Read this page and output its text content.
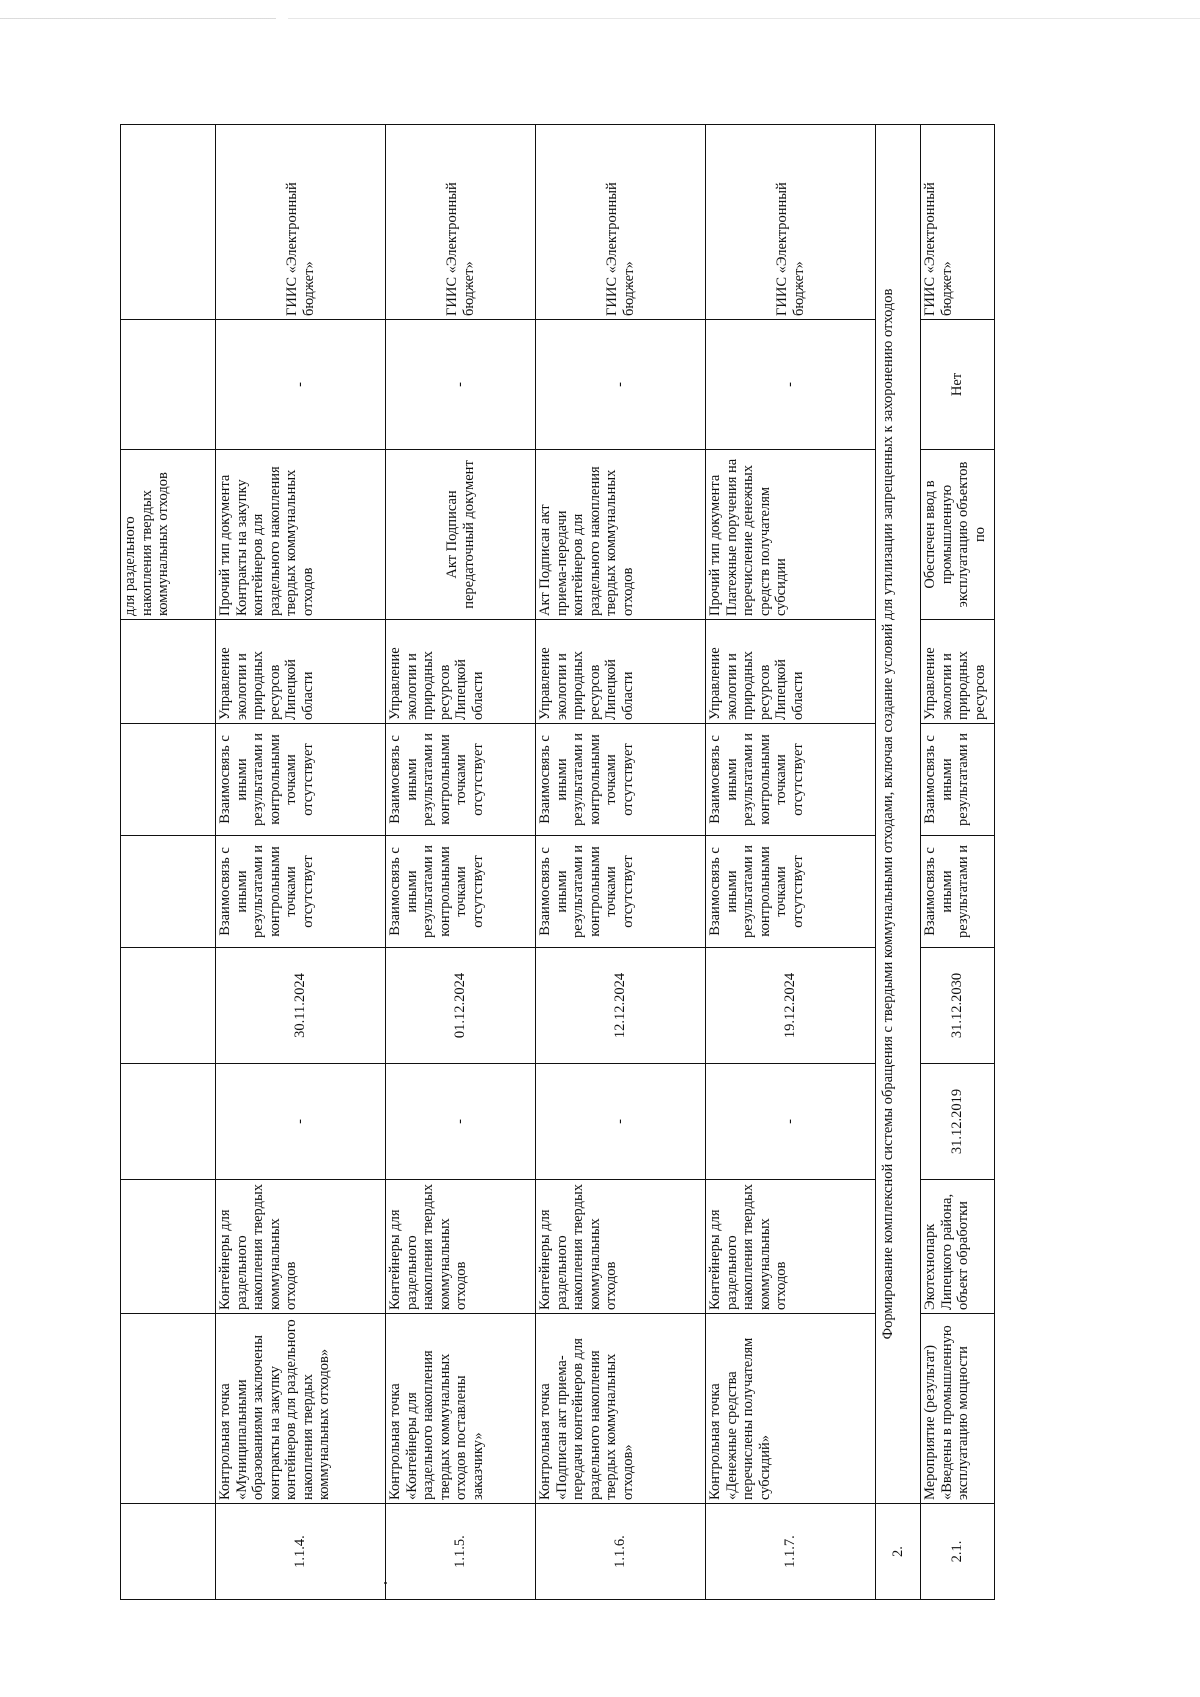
								для раздельного накопления твердых коммунальных отходов		
1.1.4.	Контрольная точка «Муниципальными образованиями заключены контракты на закупку контейнеров для раздельного накопления твердых коммунальных отходов»	Контейнеры для раздельного накопления твердых коммунальных отходов	-	30.11.2024	Взаимосвязь с иными результатами и контрольными точками отсутствует	Взаимосвязь с иными результатами и контрольными точками отсутствует	Управление экологии и природных ресурсов Липецкой области	Прочий тип документа Контракты на закупку контейнеров для раздельного накопления твердых коммунальных отходов	-	ГИИС «Электронный бюджет»
1.1.5.	Контрольная точка «Контейнеры для раздельного накопления твердых коммунальных отходов поставлены заказчику»	Контейнеры для раздельного накопления твердых коммунальных отходов	-	01.12.2024	Взаимосвязь с иными результатами и контрольными точками отсутствует	Взаимосвязь с иными результатами и контрольными точками отсутствует	Управление экологии и природных ресурсов Липецкой области	Акт Подписан передаточный документ	-	ГИИС «Электронный бюджет»
1.1.6.	Контрольная точка «Подписан акт приема-передачи контейнеров для раздельного накопления твердых коммунальных отходов»	Контейнеры для раздельного накопления твердых коммунальных отходов	-	12.12.2024	Взаимосвязь с иными результатами и контрольными точками отсутствует	Взаимосвязь с иными результатами и контрольными точками отсутствует	Управление экологии и природных ресурсов Липецкой области	Акт Подписан акт приема-передачи контейнеров для раздельного накопления твердых коммунальных отходов	-	ГИИС «Электронный бюджет»
1.1.7.	Контрольная точка «Денежные средства перечислены получателям субсидий»	Контейнеры для раздельного накопления твердых коммунальных отходов	-	19.12.2024	Взаимосвязь с иными результатами и контрольными точками отсутствует	Взаимосвязь с иными результатами и контрольными точками отсутствует	Управление экологии и природных ресурсов Липецкой области	Прочий тип документа Платежные поручения на перечисление денежных средств получателям субсидии	-	ГИИС «Электронный бюджет»
2.	Формирование комплексной системы обращения с твердыми коммунальными отходами, включая создание условий для утилизации запрещенных к захоронению отходов									
2.1.	Мероприятие (результат) «Введены в промышленную эксплуатацию мощности	Экотехнопарк Липецкого района, объект обработки	31.12.2019	31.12.2030	Взаимосвязь с иными результатами и	Взаимосвязь с иными результатами и	Управление экологии и природных ресурсов	Обеспечен ввод в промышленную эксплуатацию объектов по	Нет	ГИИС «Электронный бюджет»
